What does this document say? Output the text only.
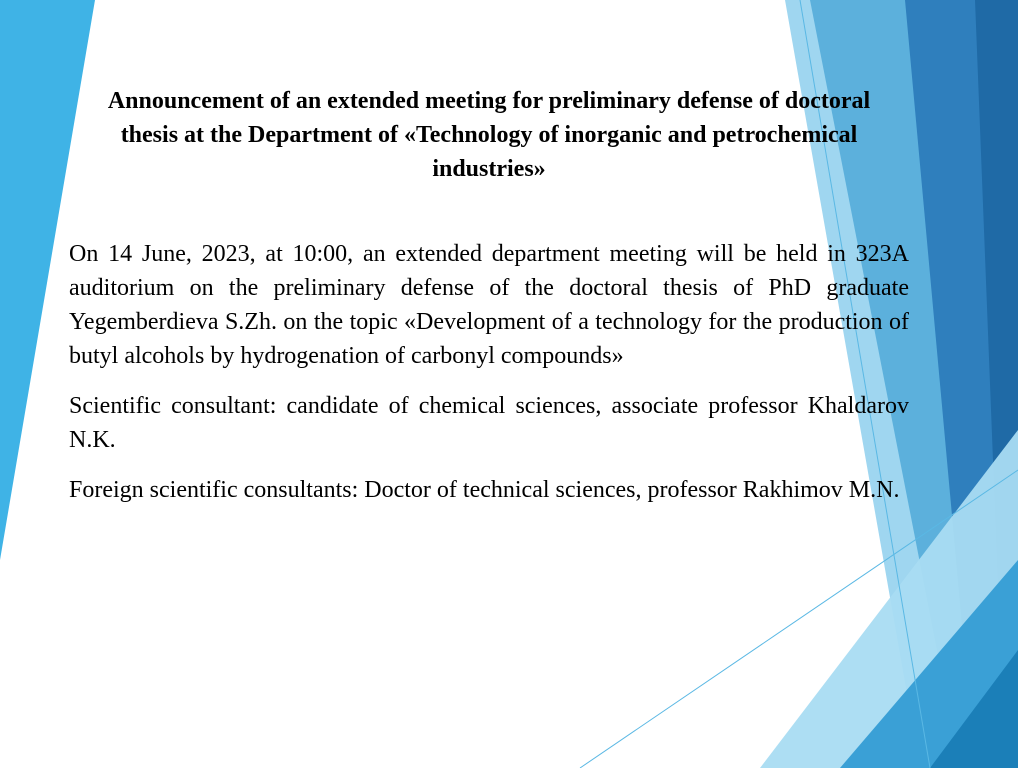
Announcement of an extended meeting for preliminary defense of doctoral thesis at the Department of «Technology of inorganic and petrochemical industries»

On 14 June, 2023, at 10:00, an extended department meeting will be held in 323A auditorium on the preliminary defense of the doctoral thesis of PhD graduate Yegemberdieva S.Zh. on the topic «Development of a technology for the production of butyl alcohols by hydrogenation of carbonyl compounds»

Scientific consultant: candidate of chemical sciences, associate professor Khaldarov N.K.

Foreign scientific consultants: Doctor of technical sciences, professor Rakhimov M.N.
